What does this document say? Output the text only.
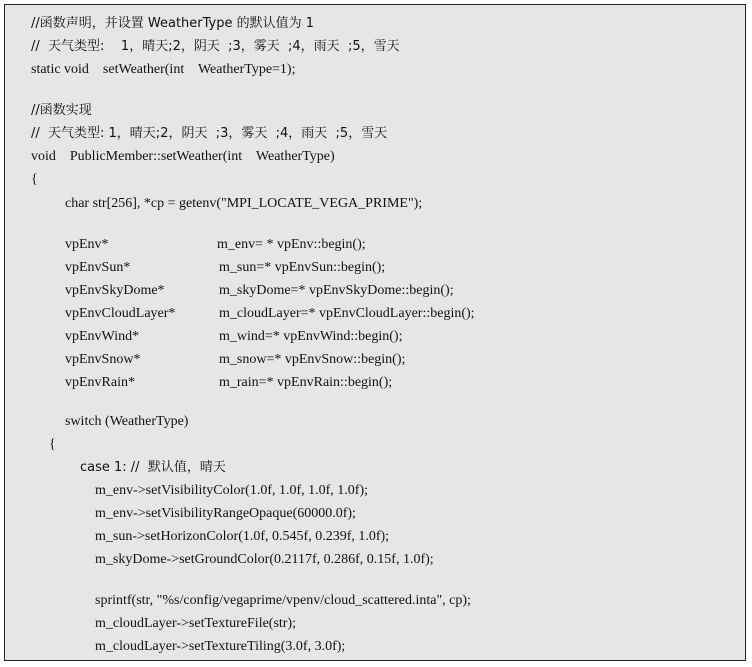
//函数声明，并设置 WeatherType 的默认值为 1
//  天气类型:    1，晴天;2，阴天  ;3，雾天  ;4，雨天  ;5，雪天
static void    setWeather(int    WeatherType=1);
//函数实现
//  天气类型: 1，晴天;2，阴天  ;3，雾天  ;4，雨天  ;5，雪天
void    PublicMember::setWeather(int    WeatherType)
{
char str[256], *cp = getenv("MPI_LOCATE_VEGA_PRIME");
vpEnv*	m_env= * vpEnv::begin();
vpEnvSun*	m_sun=* vpEnvSun::begin();
vpEnvSkyDome*	m_skyDome=* vpEnvSkyDome::begin();
vpEnvCloudLayer*	m_cloudLayer=* vpEnvCloudLayer::begin();
vpEnvWind*	m_wind=* vpEnvWind::begin();
vpEnvSnow*	m_snow=* vpEnvSnow::begin();
vpEnvRain*	m_rain=* vpEnvRain::begin();
switch (WeatherType)
{
case 1: //  默认值，晴天
m_env->setVisibilityColor(1.0f, 1.0f, 1.0f, 1.0f);
m_env->setVisibilityRangeOpaque(60000.0f);
m_sun->setHorizonColor(1.0f, 0.545f, 0.239f, 1.0f);
m_skyDome->setGroundColor(0.2117f, 0.286f, 0.15f, 1.0f);
sprintf(str, "%s/config/vegaprime/vpenv/cloud_scattered.inta", cp);
m_cloudLayer->setTextureFile(str);
m_cloudLayer->setTextureTiling(3.0f, 3.0f);
